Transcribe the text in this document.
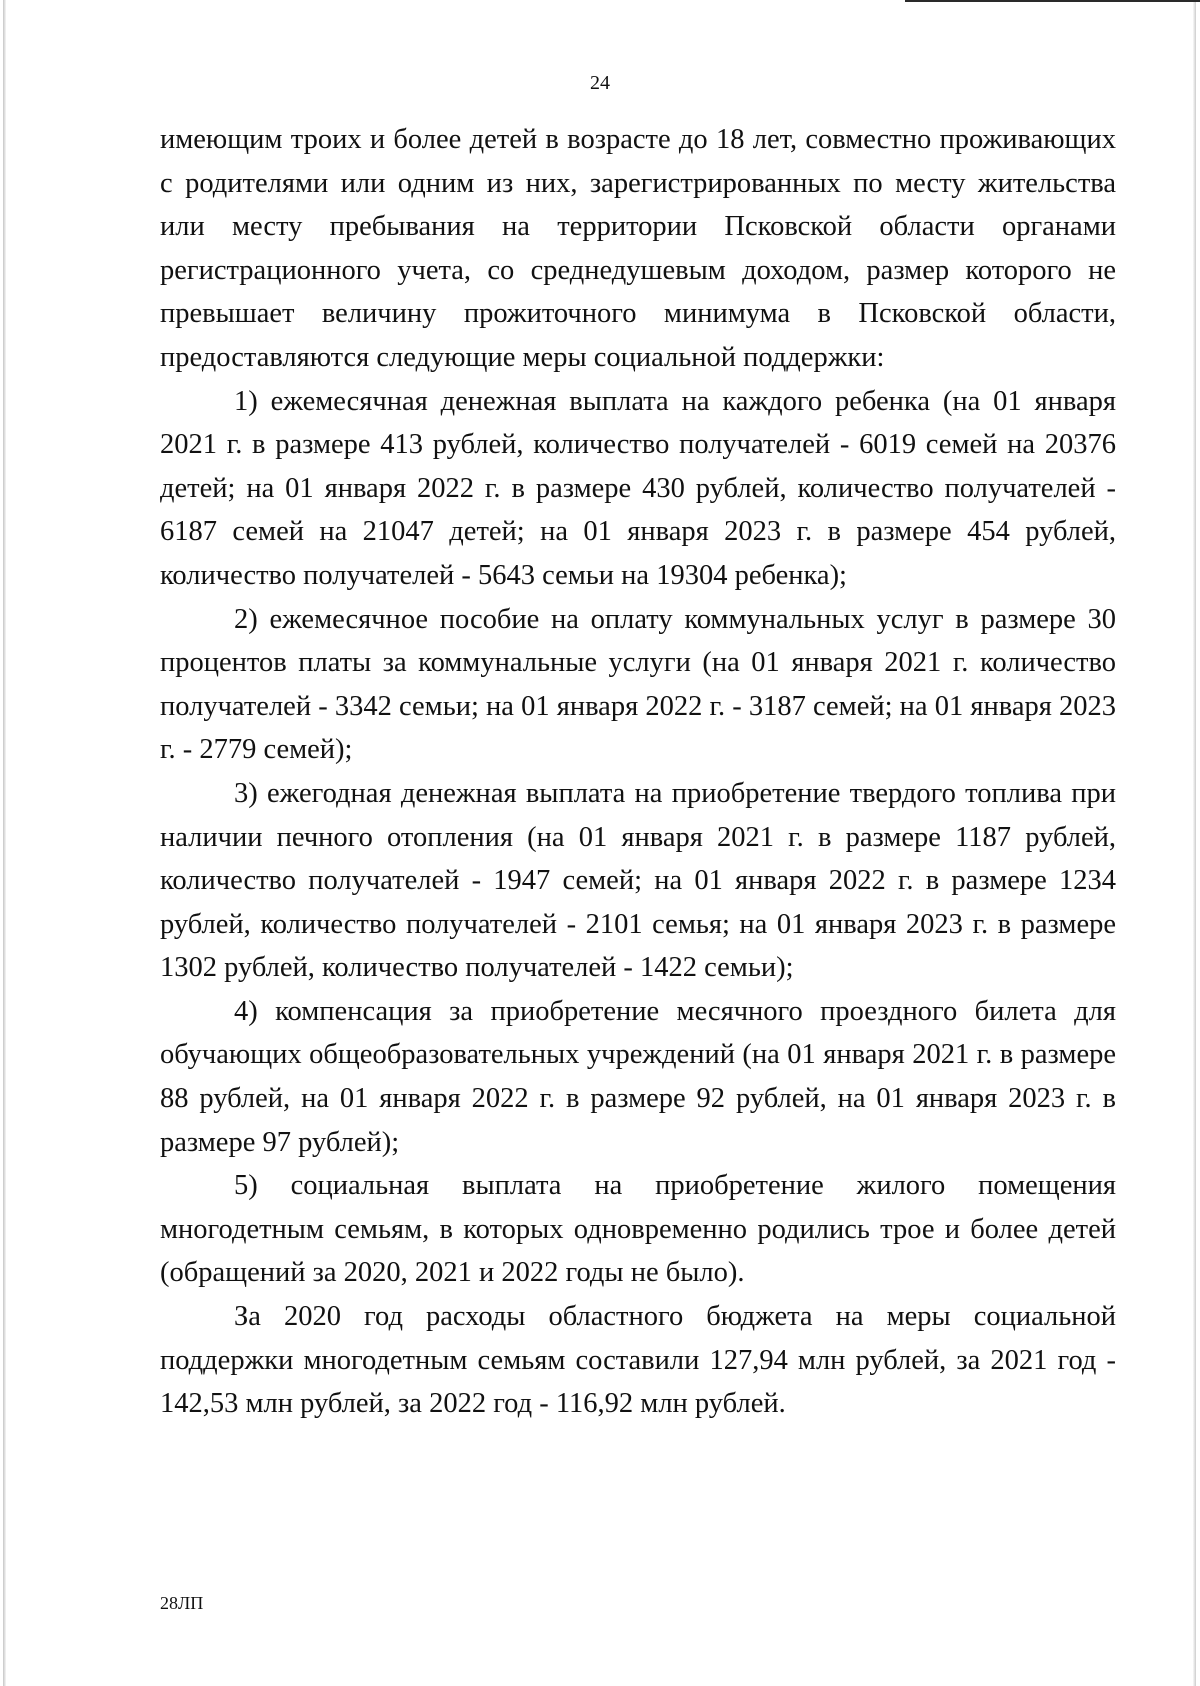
24

имеющим троих и более детей в возрасте до 18 лет, совместно проживающих с родителями или одним из них, зарегистрированных по месту жительства или месту пребывания на территории Псковской области органами регистрационного учета, со среднедушевым доходом, размер которого не превышает величину прожиточного минимума в Псковской области, предоставляются следующие меры социальной поддержки:

1) ежемесячная денежная выплата на каждого ребенка (на 01 января 2021 г. в размере 413 рублей, количество получателей - 6019 семей на 20376 детей; на 01 января 2022 г. в размере 430 рублей, количество получателей - 6187 семей на 21047 детей; на 01 января 2023 г. в размере 454 рублей, количество получателей - 5643 семьи на 19304 ребенка);

2) ежемесячное пособие на оплату коммунальных услуг в размере 30 процентов платы за коммунальные услуги (на 01 января 2021 г. количество получателей - 3342 семьи; на 01 января 2022 г. - 3187 семей; на 01 января 2023 г. - 2779 семей);

3) ежегодная денежная выплата на приобретение твердого топлива при наличии печного отопления (на 01 января 2021 г. в размере 1187 рублей, количество получателей - 1947 семей; на 01 января 2022 г. в размере 1234 рублей, количество получателей - 2101 семья; на 01 января 2023 г. в размере 1302 рублей, количество получателей - 1422 семьи);

4) компенсация за приобретение месячного проездного билета для обучающих общеобразовательных учреждений (на 01 января 2021 г. в размере 88 рублей, на 01 января 2022 г. в размере 92 рублей, на 01 января 2023 г. в размере 97 рублей);

5) социальная выплата на приобретение жилого помещения многодетным семьям, в которых одновременно родились трое и более детей (обращений за 2020, 2021 и 2022 годы не было).

За 2020 год расходы областного бюджета на меры социальной поддержки многодетным семьям составили 127,94 млн рублей, за 2021 год - 142,53 млн рублей, за 2022 год - 116,92 млн рублей.

28ЛП
